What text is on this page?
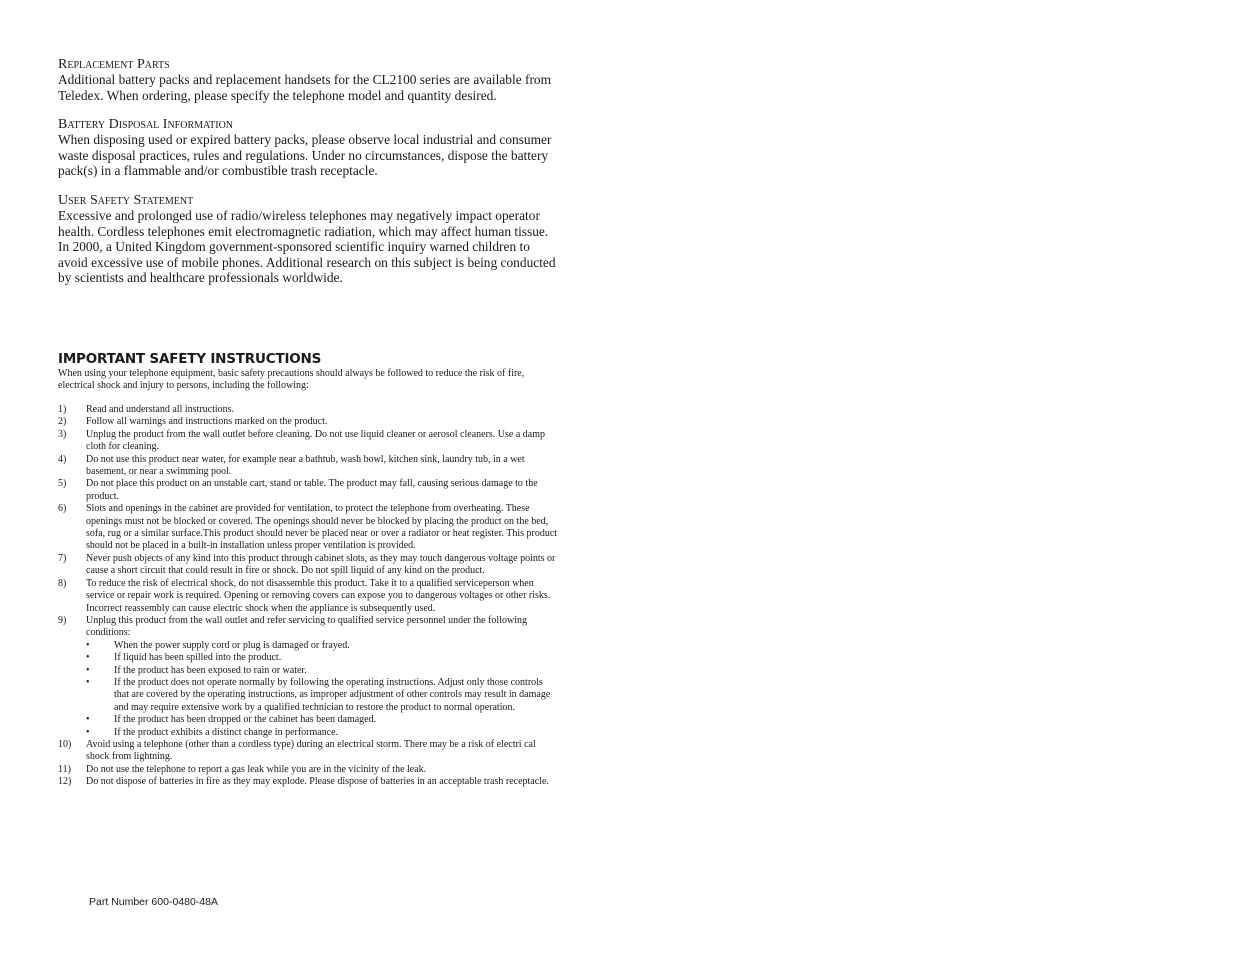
Replacement Parts

Additional battery packs and replacement handsets for the CL2100 series are available from Teledex. When ordering, please specify the telephone model and quantity desired.

Battery Disposal Information

When disposing used or expired battery packs, please observe local industrial and consumer waste disposal practices, rules and regulations. Under no circumstances, dispose the battery pack(s) in a flammable and/or combustible trash receptacle.

User Safety Statement

Excessive and prolonged use of radio/wireless telephones may negatively impact operator health. Cordless telephones emit electromagnetic radiation, which may affect human tissue. In 2000, a United Kingdom government-sponsored scientific inquiry warned children to avoid excessive use of mobile phones. Additional research on this subject is being conducted by scientists and healthcare professionals worldwide.

IMPORTANT SAFETY INSTRUCTIONS

When using your telephone equipment, basic safety precautions should always be followed to reduce the risk of fire, electrical shock and injury to persons, including the following:

1)	Read and understand all instructions.
2)	Follow all warnings and instructions marked on the product.
3)	Unplug the product from the wall outlet before cleaning. Do not use liquid cleaner or aerosol cleaners. Use a damp cloth for cleaning.
4)	Do not use this product near water, for example near a bathtub, wash bowl, kitchen sink, laundry tub, in a wet basement, or near a swimming pool.
5)	Do not place this product on an unstable cart, stand or table. The product may fall, causing serious damage to the product.
6)	Slots and openings in the cabinet are provided for ventilation, to protect the telephone from overheating. These openings must not be blocked or covered. The openings should never be blocked by placing the product on the bed, sofa, rug or a similar surface.This product should never be placed near or over a radiator or heat register. This product should not be placed in a built-in installation unless proper ventilation is provided.
7)	Never push objects of any kind into this product through cabinet slots, as they may touch dangerous voltage points or cause a short circuit that could result in fire or shock. Do not spill liquid of any kind on the product.
8)	To reduce the risk of electrical shock, do not disassemble this product. Take it to a qualified serviceperson when service or repair work is required. Opening or removing covers can expose you to dangerous voltages or other risks. Incorrect reassembly can cause electric shock when the appliance is subsequently used.
9)	Unplug this product from the wall outlet and refer servicing to qualified service personnel under the following conditions:
•	When the power supply cord or plug is damaged or frayed.
•	If liquid has been spilled into the product.
•	If the product has been exposed to rain or water.
•	If the product does not operate normally by following the operating instructions. Adjust only those controls that are covered by the operating instructions, as improper adjustment of other controls may result in damage and may require extensive work by a qualified technician to restore the product to normal operation.
•	If the product has been dropped or the cabinet has been damaged.
•	If the product exhibits a distinct change in performance.
10)	Avoid using a telephone (other than a cordless type) during an electrical storm. There may be a risk of electri cal shock from lightning.
11)	Do not use the telephone to report a gas leak while you are in the vicinity of the leak.
12)	Do not dispose of batteries in fire as they may explode. Please dispose of batteries in an acceptable trash receptacle.

Part Number 600-0480-48A
